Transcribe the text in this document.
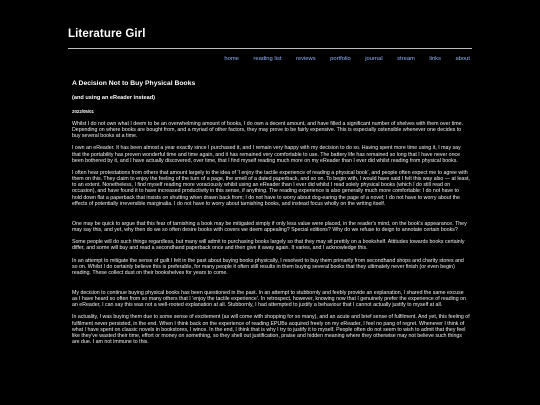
Literature Girl
home	reading list	reviews	portfolio	journal	stream	links	about
A Decision Not to Buy Physical Books
(and using an eReader instead)
2022/05/01

Whilst I do not own what I deem to be an overwhelming amount of books, I do own a decent amount, and have filled a significant number of shelves with them over time. Depending on where books are bought from, and a myriad of other factors, they may prove to be fairly expensive. This is especially ostensible whenever one decides to buy several books at a time.

I own an eReader. It has been almost a year exactly since I purchased it, and I remain very happy with my decision to do so. Having spent more time using it, I may say that the portability has proven wonderful time and time again, and it has remained very comfortable to use. The battery life has remained so long that I have never once been bothered by it, and I have actually discovered, over time, that I find myself reading much more on my eReader than I ever did whilst reading from physical books.

I often hear protestations from others that amount largely to the idea of 'I enjoy the tactile experience of reading a physical book', and people often expect me to agree with them on this. They claim to enjoy the feeling of the turn of a page, the smell of a dated paperback, and so on. To begin with, I would have said I felt this way also — at least, to an extent. Nonetheless, I find myself reading more voraciously whilst using an eReader than I ever did whilst I read solely physical books (which I do still read on occasion), and have found it to have increased productivity in this sense, if anything. The reading experience is also generally much more comfortable: I do not have to hold down flat a paperback that insists on shutting when drawn back from; I do not have to worry about dog-earing the page of a novel; I do not have to worry about the effects of potentially irreversible marginalia. I do not have to worry about tarnishing books, and instead focus wholly on the writing itself.

One may be quick to argue that this fear of tarnishing a book may be mitigated simply if only less value were placed, in the reader's mind, on the book's appearance. They may say this, and yet, why then do we so often desire books with covers we deem appealing? Special editions? Why do we refuse to deign to annotate certain books?

Some people will do such things regardless, but many will admit to purchasing books largely so that they may sit prettily on a bookshelf. Attitudes towards books certainly differ, and some will buy and read a secondhand paperback once and then give it away again. It varies, and I acknowledge this.

In an attempt to mitigate the sense of guilt I felt in the past about buying books physically, I resolved to buy them primarily from secondhand shops and charity stores and so on. Whilst I do certainly believe this is preferable, for many people it often still results in them buying several books that they ultimately never finish (or even begin) reading. These collect dust on their bookshelves for years to come.

My decision to continue buying physical books has been questioned in the past. In an attempt to stubbornly and feebly provide an explanation, I shared the same excuse as I have heard so often from so many others that I 'enjoy the tactile experience'. In retrospect, however, knowing now that I genuinely prefer the experience of reading on an eReader, I can say this was not a well-rooted explanation at all. Stubbornly, I had attempted to justify a behaviour that I cannot actually justify to myself at all.

In actuality, I was buying them due to some sense of excitement (as will come with shopping for so many), and an acute and brief sense of fulfilment. And yet, this feeling of fulfilment never persisted, in the end. When I think back on the experience of reading EPUBs acquired freely on my eReader, I feel no pang of regret. Whenever I think of what I have spent on classic novels in bookstores, I wince. In the end, I think that is why I try to justify it to myself. People often do not seem to wish to admit that they feel like they've wasted their time, effort or money on something, so they shell out justification, praise and hidden meaning where they otherwise may not believe such things are due. I am not immune to this.
